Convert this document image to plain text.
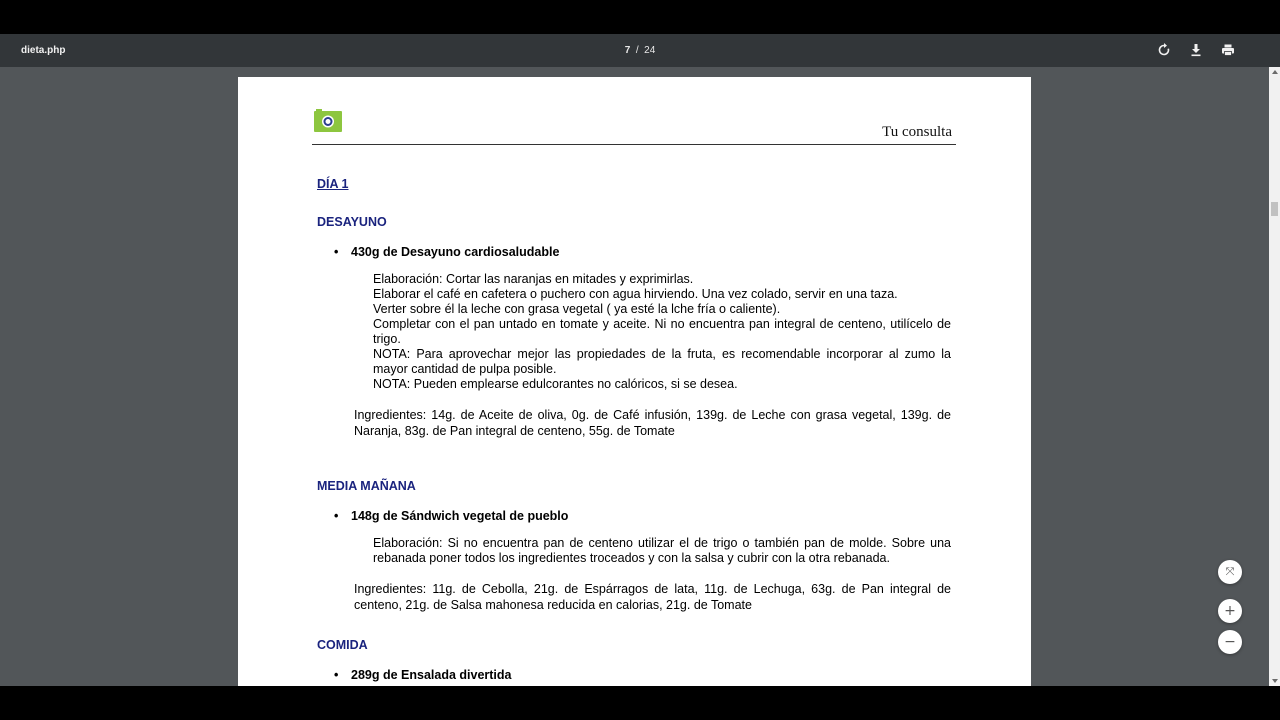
dieta.php	7 / 24
Tu consulta
DÍA 1
DESAYUNO
• 430g de Desayuno cardiosaludable

Elaboración: Cortar las naranjas en mitades y exprimirlas.

Elaborar el café en cafetera o puchero con agua hirviendo. Una vez colado, servir en una taza.

Verter sobre él la leche con grasa vegetal ( ya esté la lche fría o caliente).

Completar con el pan untado en tomate y aceite. Ni no encuentra pan integral de centeno, utilícelo de trigo.

NOTA: Para aprovechar mejor las propiedades de la fruta, es recomendable incorporar al zumo la mayor cantidad de pulpa posible.

NOTA: Pueden emplearse edulcorantes no calóricos, si se desea.

Ingredientes: 14g. de Aceite de oliva, 0g. de Café infusión, 139g. de Leche con grasa vegetal, 139g. de Naranja, 83g. de Pan integral de centeno, 55g. de Tomate
MEDIA MAÑANA
• 148g de Sándwich vegetal de pueblo

Elaboración: Si no encuentra pan de centeno utilizar el de trigo o también pan de molde. Sobre una rebanada poner todos los ingredientes troceados y con la salsa y cubrir con la otra rebanada.

Ingredientes: 11g. de Cebolla, 21g. de Espárragos de lata, 11g. de Lechuga, 63g. de Pan integral de centeno, 21g. de Salsa mahonesa reducida en calorias, 21g. de Tomate
COMIDA
• 289g de Ensalada divertida
⤧
+
−
